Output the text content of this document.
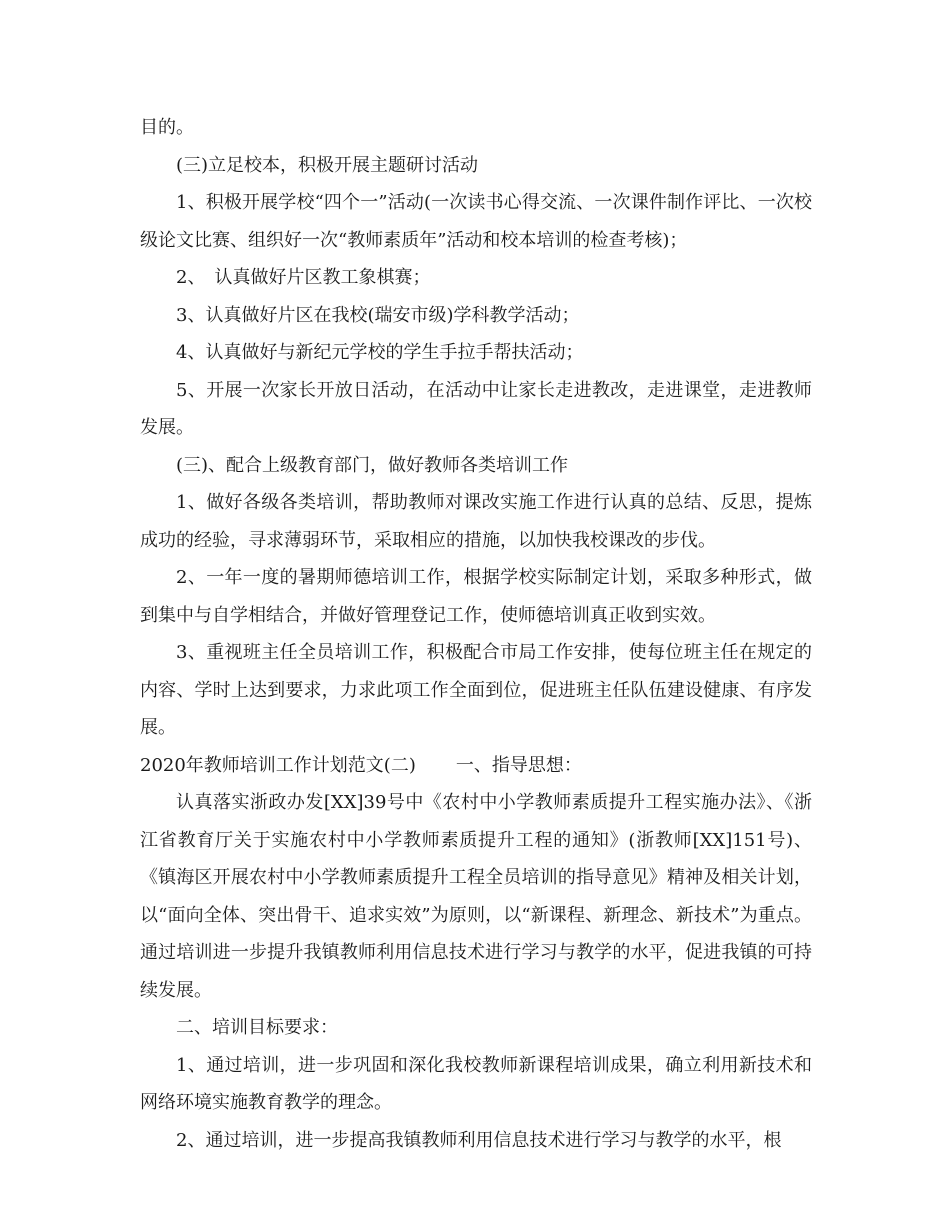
目的。

(三)立足校本，积极开展主题研讨活动

1、积极开展学校“四个一”活动(一次读书心得交流、一次课件制作评比、一次校级论文比赛、组织好一次“教师素质年”活动和校本培训的检查考核)；

2、　认真做好片区教工象棋赛；

3、认真做好片区在我校(瑞安市级)学科教学活动；

4、认真做好与新纪元学校的学生手拉手帮扶活动；

5、开展一次家长开放日活动，在活动中让家长走进教改，走进课堂，走进教师发展。

(三)、配合上级教育部门，做好教师各类培训工作

1、做好各级各类培训，帮助教师对课改实施工作进行认真的总结、反思，提炼成功的经验，寻求薄弱环节，采取相应的措施，以加快我校课改的步伐。

2、一年一度的暑期师德培训工作，根据学校实际制定计划，采取多种形式，做到集中与自学相结合，并做好管理登记工作，使师德培训真正收到实效。

3、重视班主任全员培训工作，积极配合市局工作安排，使每位班主任在规定的内容、学时上达到要求，力求此项工作全面到位，促进班主任队伍建设健康、有序发展。

2020年教师培训工作计划范文(二) 一、指导思想：

认真落实浙政办发[XX]39号中《农村中小学教师素质提升工程实施办法》、《浙江省教育厅关于实施农村中小学教师素质提升工程的通知》(浙教师[XX]151号)、《镇海区开展农村中小学教师素质提升工程全员培训的指导意见》精神及相关计划，以“面向全体、突出骨干、追求实效”为原则，以“新课程、新理念、新技术”为重点。通过培训进一步提升我镇教师利用信息技术进行学习与教学的水平，促进我镇的可持续发展。

二、培训目标要求：

1、通过培训，进一步巩固和深化我校教师新课程培训成果，确立利用新技术和网络环境实施教育教学的理念。

2、通过培训，进一步提高我镇教师利用信息技术进行学习与教学的水平，根
